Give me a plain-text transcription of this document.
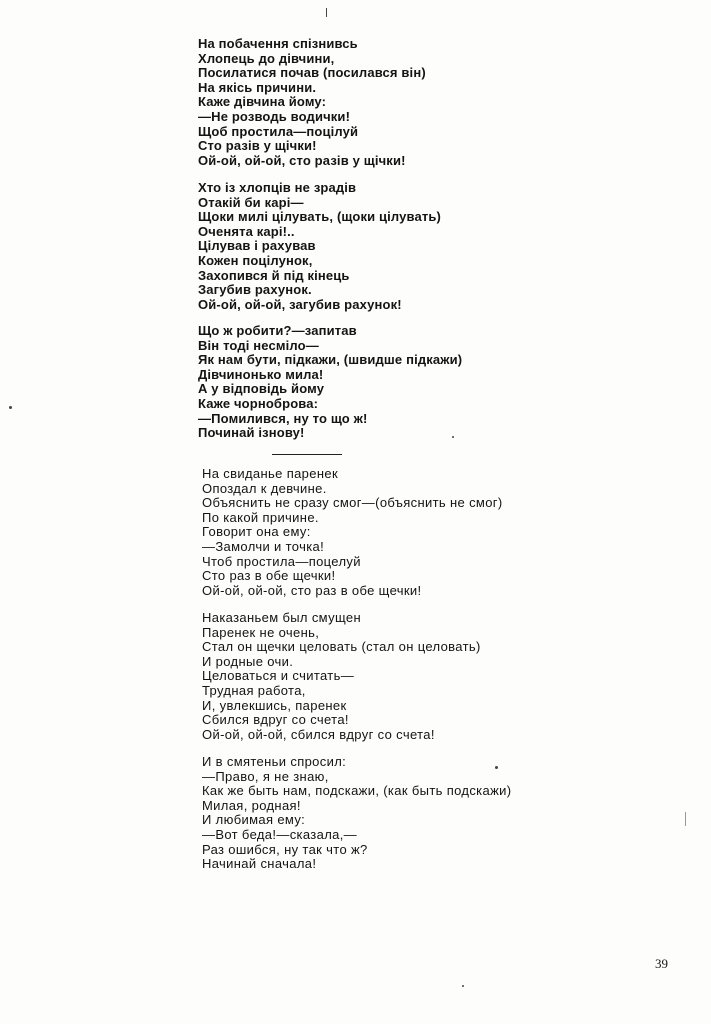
На побачення спізнивсь
Хлопець до дівчини,
Посилатися почав (посилався він)
На якісь причини.
Каже дівчина йому:
—Не розводь водички!
Щоб простила—поцілуй
Сто разів у щічки!
Ой-ой, ой-ой, сто разів у щічки!
Хто із хлопців не зрадів
Отакій би карі—
Щоки милі цілувать, (щоки цілувать)
Оченята карі!..
Цілував і рахував
Кожен поцілунок,
Захопився й під кінець
Загубив рахунок.
Ой-ой, ой-ой, загубив рахунок!
Що ж робити?—запитав
Він тоді несміло—
Як нам бути, підкажи, (швидше підкажи)
Дівчинонько мила!
А у відповідь йому
Каже чорноброва:
—Помилився, ну то що ж!
Починай ізнову!
На свиданье паренек
Опоздал к девчине.
Объяснить не сразу смог—(объяснить не смог)
По какой причине.
Говорит она ему:
—Замолчи и точка!
Чтоб простила—поцелуй
Сто раз в обе щечки!
Ой-ой, ой-ой, сто раз в обе щечки!
Наказаньем был смущен
Паренек не очень,
Стал он щечки целовать (стал он целовать)
И родные очи.
Целоваться и считать—
Трудная работа,
И, увлекшись, паренек
Сбился вдруг со счета!
Ой-ой, ой-ой, сбился вдруг со счета!
И в смятеньи спросил:
—Право, я не знаю,
Как же быть нам, подскажи, (как быть подскажи)
Милая, родная!
И любимая ему:
—Вот беда!—сказала,—
Раз ошибся, ну так что ж?
Начинай сначала!
39
